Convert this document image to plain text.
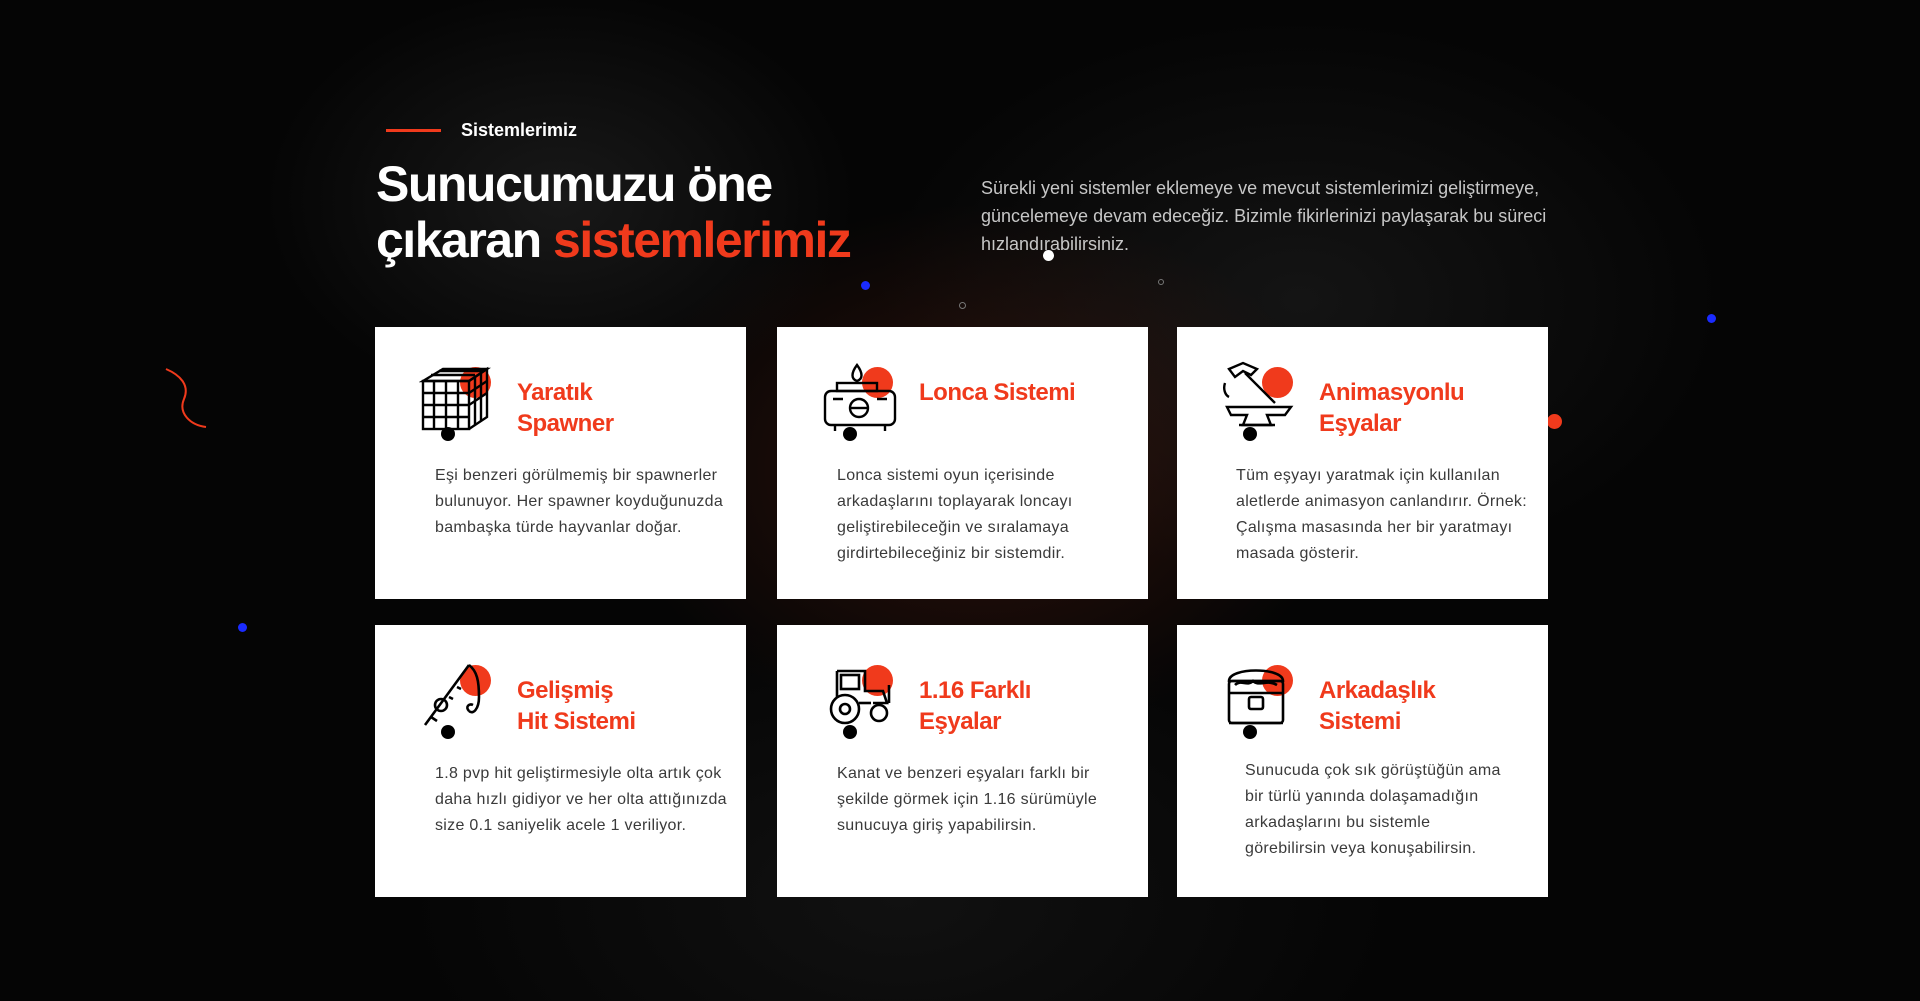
Sistemlerimiz
Sunucumuzu öne
çıkaran sistemlerimiz

Sürekli yeni sistemler eklemeye ve mevcut sistemlerimizi geliştirmeye, güncelemeye devam edeceğiz. Bizimle fikirlerinizi paylaşarak bu süreci hızlandırabilirsiniz.

Yaratık
Spawner

Eşi benzeri görülmemiş bir spawnerler bulunuyor. Her spawner koyduğunuzda bambaşka türde hayvanlar doğar.

Lonca Sistemi

Lonca sistemi oyun içerisinde arkadaşlarını toplayarak loncayı geliştirebileceğin ve sıralamaya girdirtebileceğiniz bir sistemdir.

Animasyonlu
Eşyalar

Tüm eşyayı yaratmak için kullanılan aletlerde animasyon canlandırır. Örnek: Çalışma masasında her bir yaratmayı masada gösterir.

Gelişmiş
Hit Sistemi

1.8 pvp hit geliştirmesiyle olta artık çok daha hızlı gidiyor ve her olta attığınızda size 0.1 saniyelik acele 1 veriliyor.

1.16 Farklı
Eşyalar

Kanat ve benzeri eşyaları farklı bir şekilde görmek için 1.16 sürümüyle sunucuya giriş yapabilirsin.

Arkadaşlık
Sistemi

Sunucuda çok sık görüştüğün ama bir türlü yanında dolaşamadığın arkadaşlarını bu sistemle görebilirsin veya konuşabilirsin.
